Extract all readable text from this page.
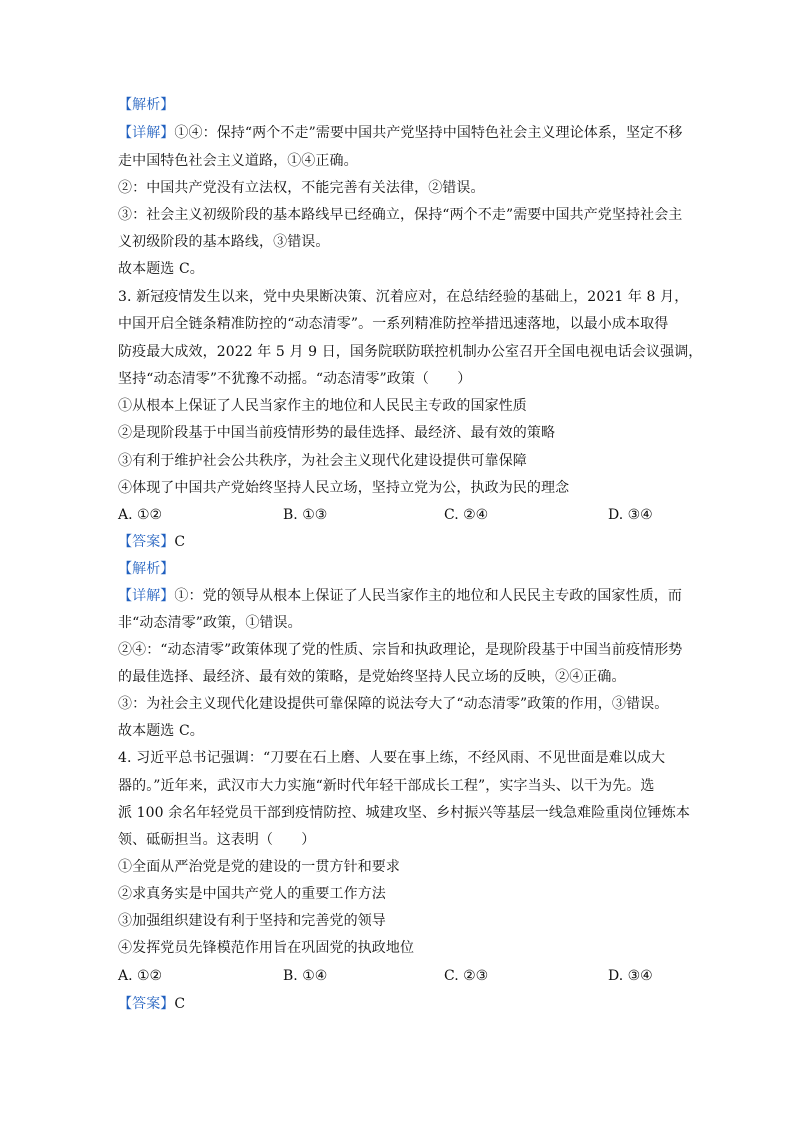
【解析】
【详解】①④：保持“两个不走”需要中国共产党坚持中国特色社会主义理论体系，坚定不移
走中国特色社会主义道路，①④正确。
②：中国共产党没有立法权，不能完善有关法律，②错误。
③：社会主义初级阶段的基本路线早已经确立，保持“两个不走”需要中国共产党坚持社会主
义初级阶段的基本路线，③错误。
故本题选 C。
3. 新冠疫情发生以来，党中央果断决策、沉着应对，在总结经验的基础上，2021 年 8 月，
中国开启全链条精准防控的“动态清零”。一系列精准防控举措迅速落地，以最小成本取得
防疫最大成效，2022 年 5 月 9 日，国务院联防联控机制办公室召开全国电视电话会议强调，
坚持“动态清零”不犹豫不动摇。“动态清零”政策（　　）
①从根本上保证了人民当家作主的地位和人民民主专政的国家性质
②是现阶段基于中国当前疫情形势的最佳选择、最经济、最有效的策略
③有利于维护社会公共秩序，为社会主义现代化建设提供可靠保障
④体现了中国共产党始终坚持人民立场，坚持立党为公，执政为民的理念
A. ①②	B. ①③	C. ②④	D. ③④
【答案】C
【解析】
【详解】①：党的领导从根本上保证了人民当家作主的地位和人民民主专政的国家性质，而
非“动态清零”政策，①错误。
②④：“动态清零”政策体现了党的性质、宗旨和执政理论，是现阶段基于中国当前疫情形势
的最佳选择、最经济、最有效的策略，是党始终坚持人民立场的反映，②④正确。
③：为社会主义现代化建设提供可靠保障的说法夸大了“动态清零”政策的作用，③错误。
故本题选 C。
4. 习近平总书记强调：“刀要在石上磨、人要在事上练，不经风雨、不见世面是难以成大
器的。”近年来，武汉市大力实施“新时代年轻干部成长工程”，实字当头、以干为先。选
派 100 余名年轻党员干部到疫情防控、城建攻坚、乡村振兴等基层一线急难险重岗位锤炼本
领、砥砺担当。这表明（　　）
①全面从严治党是党的建设的一贯方针和要求
②求真务实是中国共产党人的重要工作方法
③加强组织建设有利于坚持和完善党的领导
④发挥党员先锋模范作用旨在巩固党的执政地位
A. ①②	B. ①④	C. ②③	D. ③④
【答案】C
